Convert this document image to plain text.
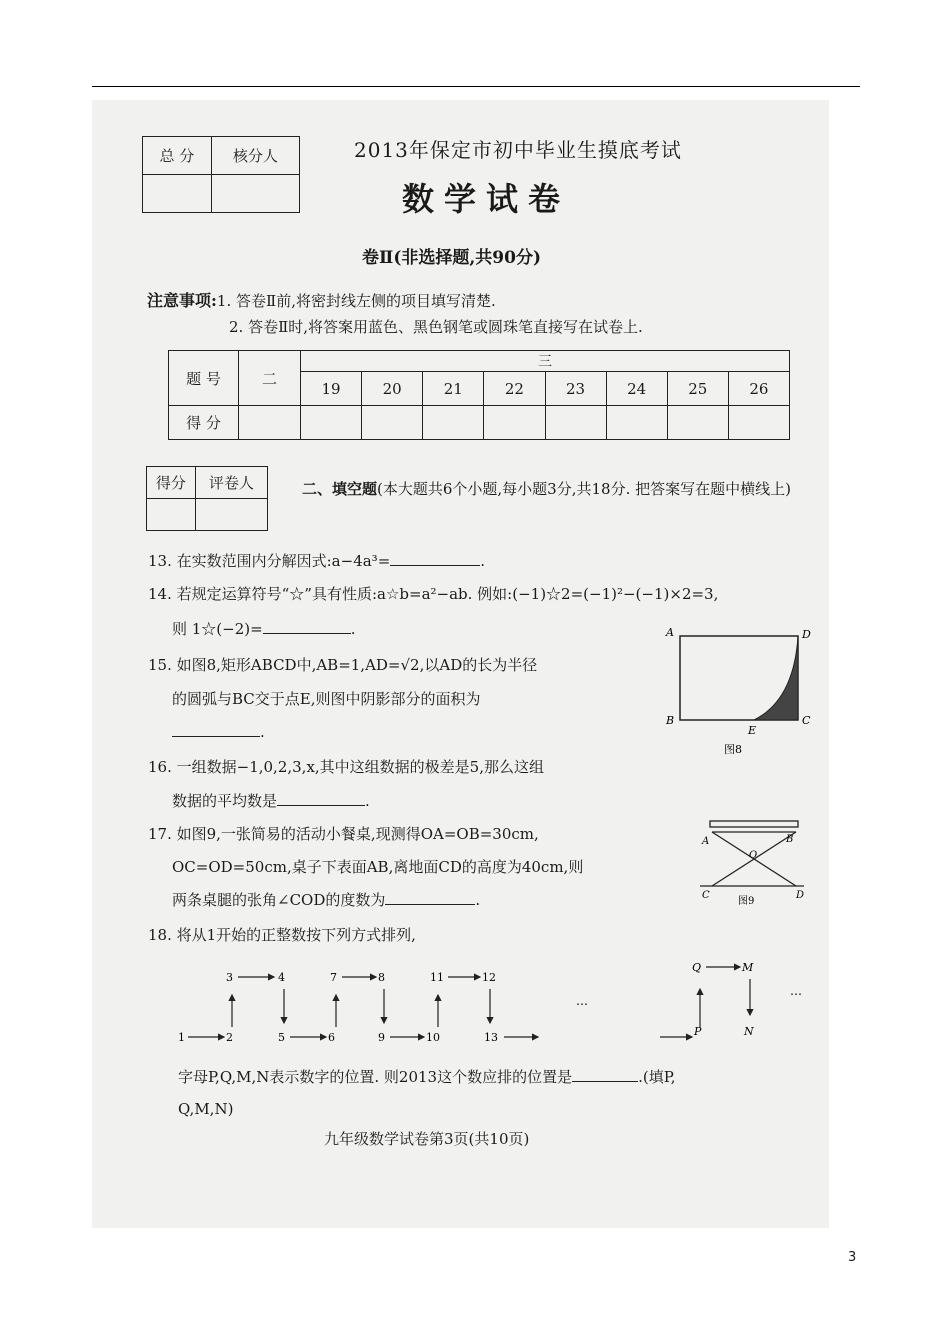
总 分	核分人
		2013年保定市初中毕业生摸底考试
数学试卷
卷Ⅱ(非选择题,共90分)
注意事项:1. 答卷Ⅱ前,将密封线左侧的项目填写清楚.
2. 答卷Ⅱ时,将答案用蓝色、黑色钢笔或圆珠笔直接写在试卷上.
题 号	二	三							
		19	20	21	22	23	24	25	26
得 分									
得分	评卷人
		二、填空题(本大题共6个小题,每小题3分,共18分. 把答案写在题中横线上)
13. 在实数范围内分解因式:a−4a³=	.
14. 若规定运算符号“☆”具有性质:a☆b=a²−ab. 例如:(−1)☆2=(−1)²−(−1)×2=3,
则 1☆(−2)=	.
15. 如图8,矩形ABCD中,AB=1,AD=√2,以AD的长为半径
的圆弧与BC交于点E,则图中阴影部分的面积为
.
A	D
B	C
E
图8
16. 一组数据−1,0,2,3,x,其中这组数据的极差是5,那么这组
数据的平均数是	.
17. 如图9,一张简易的活动小餐桌,现测得OA=OB=30cm,
OC=OD=50cm,桌子下表面AB,离地面CD的高度为40cm,则
两条桌腿的张角∠COD的度数为	.
A	B
O
C	D
图9
18. 将从1开始的正整数按下列方式排列,
1	2
3	4
5	6
7	8
9	10
11	12
13
…
P
Q	M
N
…
字母P,Q,M,N表示数字的位置. 则2013这个数应排的位置是	.(填P,
Q,M,N)
九年级数学试卷第3页(共10页)
3
